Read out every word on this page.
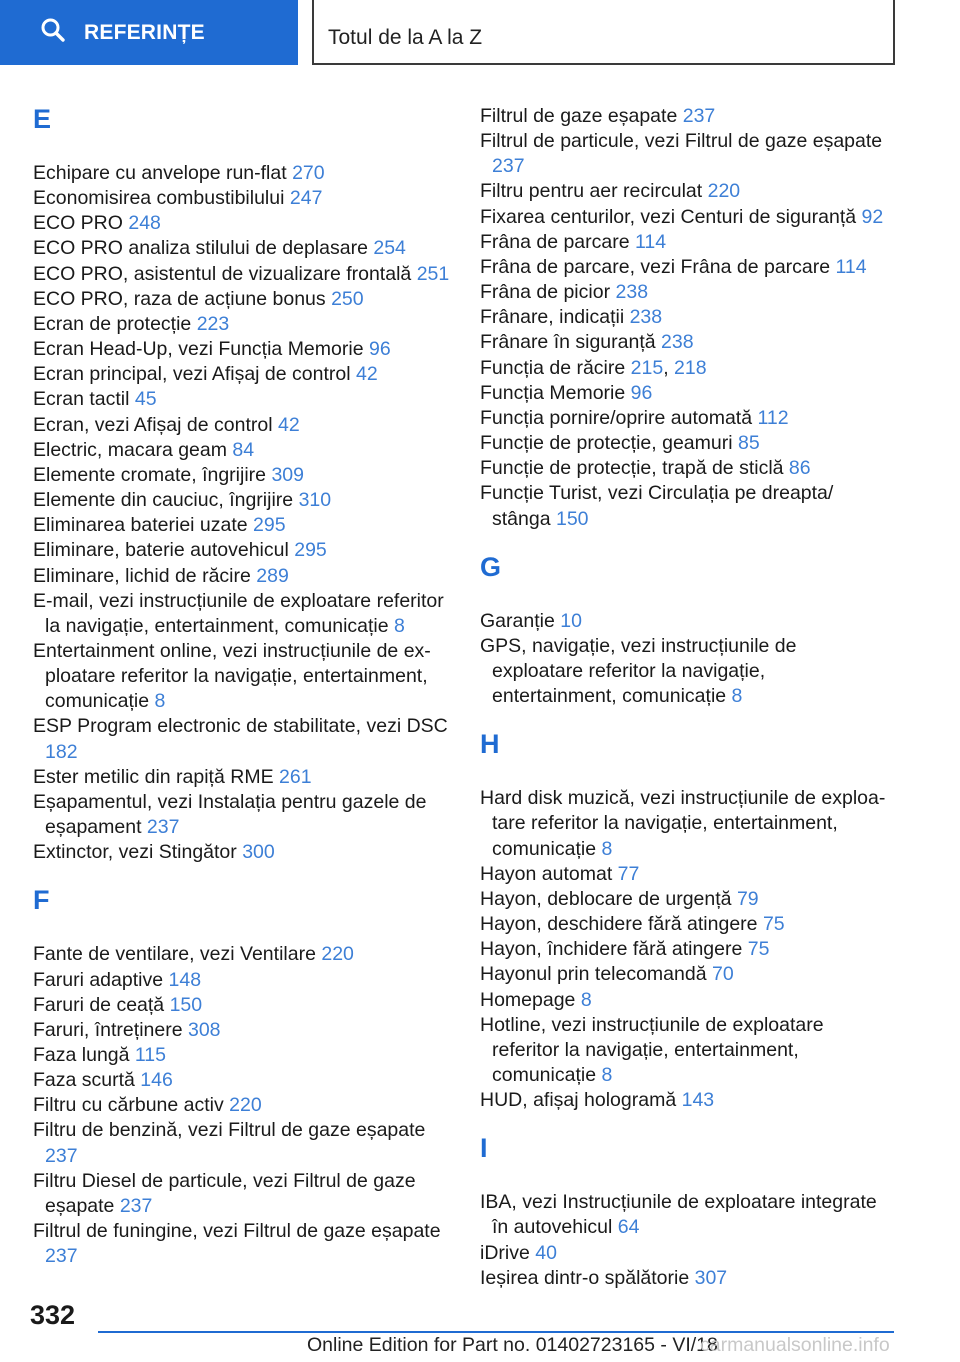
REFERINȚE	Totul de la A la Z
E
Echipare cu anvelope run-flat 270
Economisirea combustibilului 247
ECO PRO 248
ECO PRO analiza stilului de deplasare 254
ECO PRO, asistentul de vizualizare frontală 251
ECO PRO, raza de acțiune bonus 250
Ecran de protecție 223
Ecran Head-Up, vezi Funcția Memorie 96
Ecran principal, vezi Afișaj de control 42
Ecran tactil 45
Ecran, vezi Afișaj de control 42
Electric, macara geam 84
Elemente cromate, îngrijire 309
Elemente din cauciuc, îngrijire 310
Eliminarea bateriei uzate 295
Eliminare, baterie autovehicul 295
Eliminare, lichid de răcire 289
E-mail, vezi instrucțiunile de exploatare referitor la navigație, entertainment, comunicație 8
Entertainment online, vezi instrucțiunile de exploatare referitor la navigație, entertainment, comunicație 8
ESP Program electronic de stabilitate, vezi DSC 182
Ester metilic din rapiță RME 261
Eșapamentul, vezi Instalația pentru gazele de eșapament 237
Extinctor, vezi Stingător 300
F
Fante de ventilare, vezi Ventilare 220
Faruri adaptive 148
Faruri de ceață 150
Faruri, întreținere 308
Faza lungă 115
Faza scurtă 146
Filtru cu cărbune activ 220
Filtru de benzină, vezi Filtrul de gaze eșapate 237
Filtru Diesel de particule, vezi Filtrul de gaze eșapate 237
Filtrul de funingine, vezi Filtrul de gaze eșapate 237
Filtrul de gaze eșapate 237
Filtrul de particule, vezi Filtrul de gaze eșapate 237
Filtru pentru aer recirculat 220
Fixarea centurilor, vezi Centuri de siguranță 92
Frâna de parcare 114
Frâna de parcare, vezi Frâna de parcare 114
Frâna de picior 238
Frânare, indicații 238
Frânare în siguranță 238
Funcția de răcire 215, 218
Funcția Memorie 96
Funcția pornire/oprire automată 112
Funcție de protecție, geamuri 85
Funcție de protecție, trapă de sticlă 86
Funcție Turist, vezi Circulația pe dreapta/ stânga 150
G
Garanție 10
GPS, navigație, vezi instrucțiunile de exploatare referitor la navigație, entertainment, comunicație 8
H
Hard disk muzică, vezi instrucțiunile de exploatare referitor la navigație, entertainment, comunicație 8
Hayon automat 77
Hayon, deblocare de urgență 79
Hayon, deschidere fără atingere 75
Hayon, închidere fără atingere 75
Hayonul prin telecomandă 70
Homepage 8
Hotline, vezi instrucțiunile de exploatare referitor la navigație, entertainment, comunicație 8
HUD, afișaj hologramă 143
I
IBA, vezi Instrucțiunile de exploatare integrate în autovehicul 64
iDrive 40
Ieșirea dintr-o spălătorie 307
332
Online Edition for Part no. 01402723165 - VI/18
carmanualsonline.info
